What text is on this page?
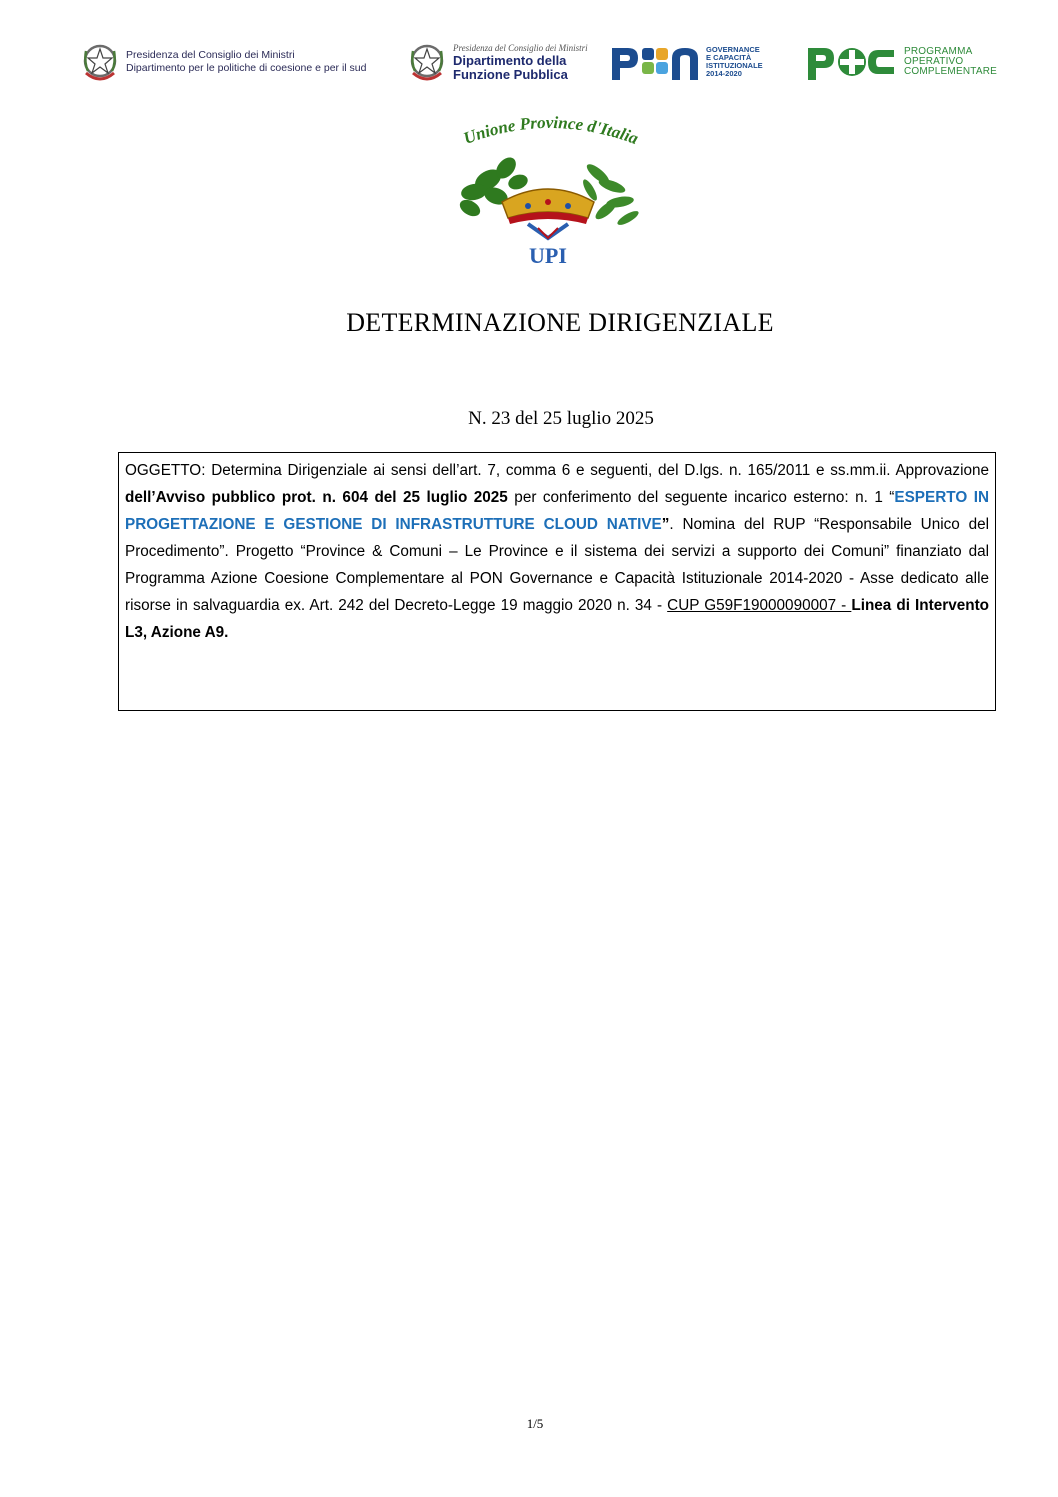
Presidenza del Consiglio dei Ministri
Dipartimento per le politiche di coesione e per il sud
Presidenza del Consiglio dei Ministri
Dipartimento della
Funzione Pubblica
GOVERNANCE
E CAPACITÀ
ISTITUZIONALE
2014-2020
PROGRAMMA
OPERATIVO
COMPLEMENTARE
Unione Province d'Italia
UPI
DETERMINAZIONE DIRIGENZIALE
N. 23 del 25 luglio 2025
OGGETTO: Determina Dirigenziale ai sensi dell’art. 7, comma 6 e seguenti, del D.lgs. n. 165/2011 e ss.mm.ii. Approvazione dell’Avviso pubblico prot. n. 604 del 25 luglio 2025 per conferimento del seguente incarico esterno: n. 1 “ESPERTO IN PROGETTAZIONE E GESTIONE DI INFRASTRUTTURE CLOUD NATIVE”. Nomina del RUP “Responsabile Unico del Procedimento”. Progetto “Province & Comuni – Le Province e il sistema dei servizi a supporto dei Comuni” finanziato dal Programma Azione Coesione Complementare al PON Governance e Capacità Istituzionale 2014-2020 - Asse dedicato alle risorse in salvaguardia ex. Art. 242 del Decreto-Legge 19 maggio 2020 n. 34 - CUP G59F19000090007 - Linea di Intervento L3, Azione A9.
1/5
